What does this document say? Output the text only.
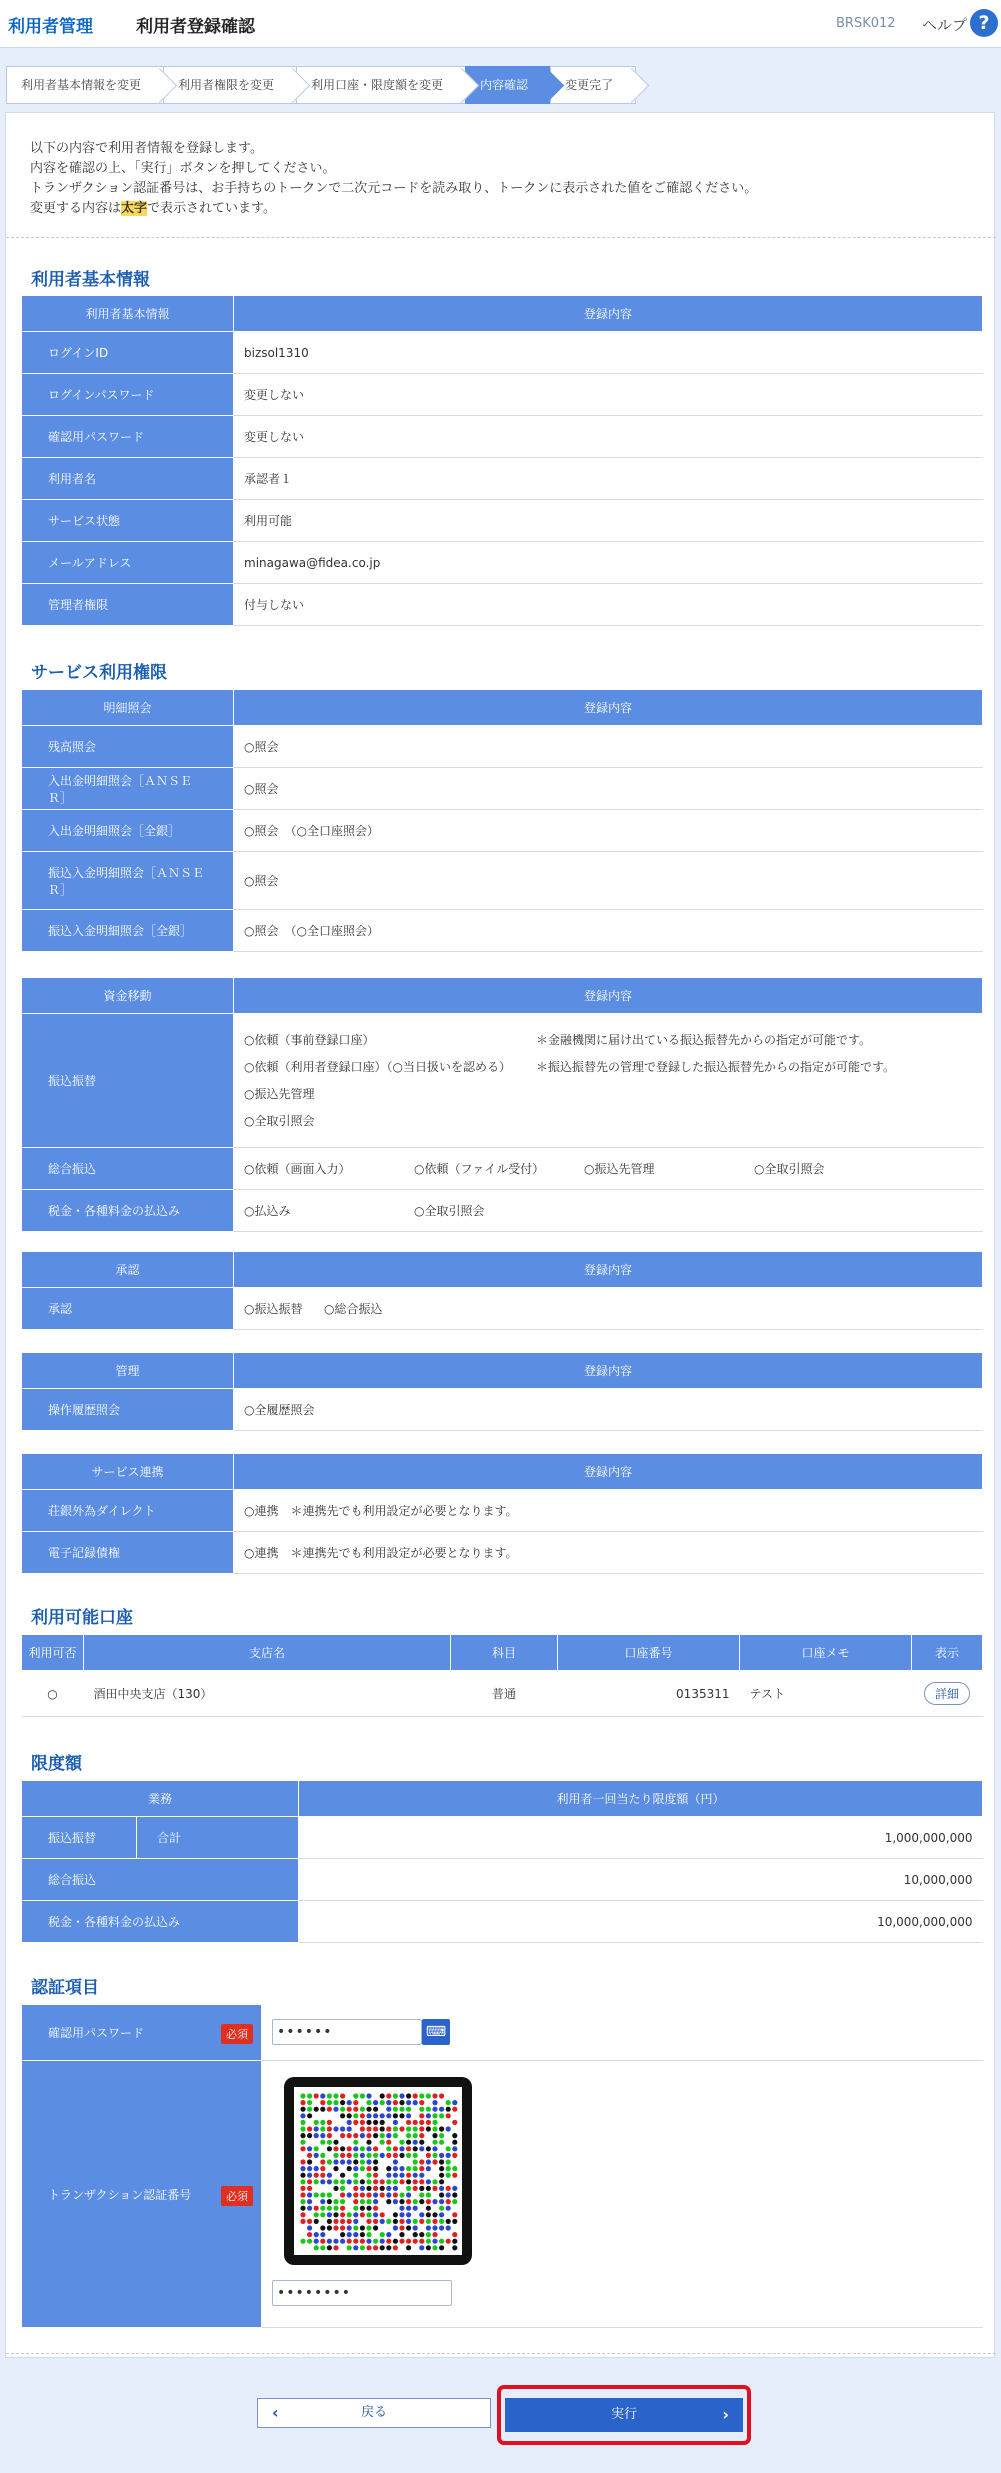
利用者管理	利用者登録確認	BRSK012 ヘルプ ?
利用者基本情報を変更	利用者権限を変更	利用口座・限度額を変更	内容確認	変更完了
以下の内容で利用者情報を登録します。
内容を確認の上、「実行」ボタンを押してください。
トランザクション認証番号は、お手持ちのトークンで二次元コードを読み取り、トークンに表示された値をご確認ください。
変更する内容は太字で表示されています。
利用者基本情報
利用者基本情報	登録内容
ログインID	bizsol1310
ログインパスワード	変更しない
確認用パスワード	変更しない
利用者名	承認者１
サービス状態	利用可能
メールアドレス	minagawa@fidea.co.jp
管理者権限	付与しない
サービス利用権限
明細照会	登録内容
残高照会	○照会
入出金明細照会［ＡＮＳＥＲ］	○照会
入出金明細照会［全銀］	○照会　（○全口座照会）
振込入金明細照会［ＡＮＳＥＲ］	○照会
振込入金明細照会［全銀］	○照会　（○全口座照会）
資金移動	登録内容
振込振替	○依頼（事前登録口座） ＊金融機関に届け出ている振込振替先からの指定が可能です。
○依頼（利用者登録口座）（○当日扱いを認める） ＊振込振替先の管理で登録した振込振替先からの指定が可能です。
○振込先管理
○全取引照会

総合振込	○依頼（画面入力） ○依頼（ファイル受付） ○振込先管理 ○全取引照会
税金・各種料金の払込み	○払込み ○全取引照会
承認	登録内容
承認	○振込振替 ○総合振込
管理	登録内容
操作履歴照会	○全履歴照会
サービス連携	登録内容
荘銀外為ダイレクト	○連携　＊連携先でも利用設定が必要となります。
電子記録債権	○連携　＊連携先でも利用設定が必要となります。
利用可能口座
利用可否	支店名	科目	口座番号	口座メモ	表示
○	酒田中央支店（130）	普通	0135311	テスト	詳細
限度額
業務		利用者一回当たり限度額（円）
振込振替	合計	1,000,000,000
総合振込		10,000,000
税金・各種料金の払込み		10,000,000,000
認証項目
確認用パスワード 必須	•••••• ⌨
トランザクション認証番号 必須	••••••••
‹	戻る	実行	›
